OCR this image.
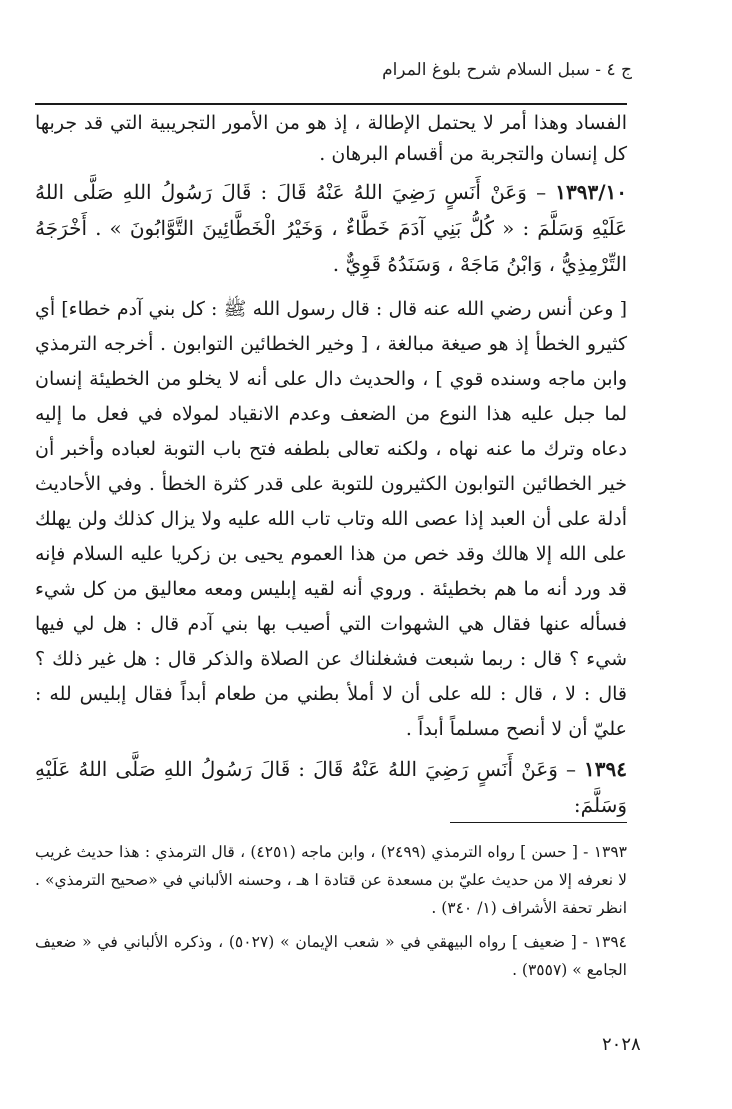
ج ٤ - سبل السلام شرح بلوغ المرام

الفساد وهذا أمر لا يحتمل الإطالة ، إذ هو من الأمور التجريبية التي قد جربها كل إنسان والتجربة من أقسام البرهان .

١٣٩٣/١٠ – وَعَنْ أَنَسٍ رَضِيَ اللهُ عَنْهُ قَالَ : قَالَ رَسُولُ اللهِ صَلَّى اللهُ عَلَيْهِ وَسَلَّمَ : « كُلُّ بَنِي آدَمَ خَطَّاءٌ ، وَخَيْرُ الْخَطَّائِينَ التَّوَّابُونَ » . أَخْرَجَهُ التِّرْمِذِيُّ ، وَابْنُ مَاجَهْ ، وَسَنَدُهُ قَوِيٌّ .

[ وعن أنس رضي الله عنه قال : قال رسول الله ﷺ : كل بني آدم خطاء] أي كثيرو الخطأ إذ هو صيغة مبالغة ، [ وخير الخطائين التوابون . أخرجه الترمذي وابن ماجه وسنده قوي ] ، والحديث دال على أنه لا يخلو من الخطيئة إنسان لما جبل عليه هذا النوع من الضعف وعدم الانقياد لمولاه في فعل ما إليه دعاه وترك ما عنه نهاه ، ولكنه تعالى بلطفه فتح باب التوبة لعباده وأخبر أن خير الخطائين التوابون الكثيرون للتوبة على قدر كثرة الخطأ . وفي الأحاديث أدلة على أن العبد إذا عصى الله وتاب تاب الله عليه ولا يزال كذلك ولن يهلك على الله إلا هالك وقد خص من هذا العموم يحيى بن زكريا عليه السلام فإنه قد ورد أنه ما هم بخطيئة . وروي أنه لقيه إبليس ومعه معاليق من كل شيء فسأله عنها فقال هي الشهوات التي أصيب بها بني آدم قال : هل لي فيها شيء ؟ قال : ربما شبعت فشغلناك عن الصلاة والذكر قال : هل غير ذلك ؟ قال : لا ، قال : لله على أن لا أملأ بطني من طعام أبداً فقال إبليس لله : عليّ أن لا أنصح مسلماً أبداً .

١٣٩٤ – وَعَنْ أَنَسٍ رَضِيَ اللهُ عَنْهُ قَالَ : قَالَ رَسُولُ اللهِ صَلَّى اللهُ عَلَيْهِ وَسَلَّمَ:

١٣٩٣ - [ حسن ] رواه الترمذي (٢٤٩٩) ، وابن ماجه (٤٢٥١) ، قال الترمذي : هذا حديث غريب لا نعرفه إلا من حديث عليّ بن مسعدة عن قتادة ا هـ ، وحسنه الألباني في «صحيح الترمذي» . انظر تحفة الأشراف (١/ ٣٤٠) .

١٣٩٤ - [ ضعيف ] رواه البيهقي في « شعب الإيمان » (٥٠٢٧) ، وذكره الألباني في « ضعيف الجامع » (٣٥٥٧) .

٢٠٢٨
